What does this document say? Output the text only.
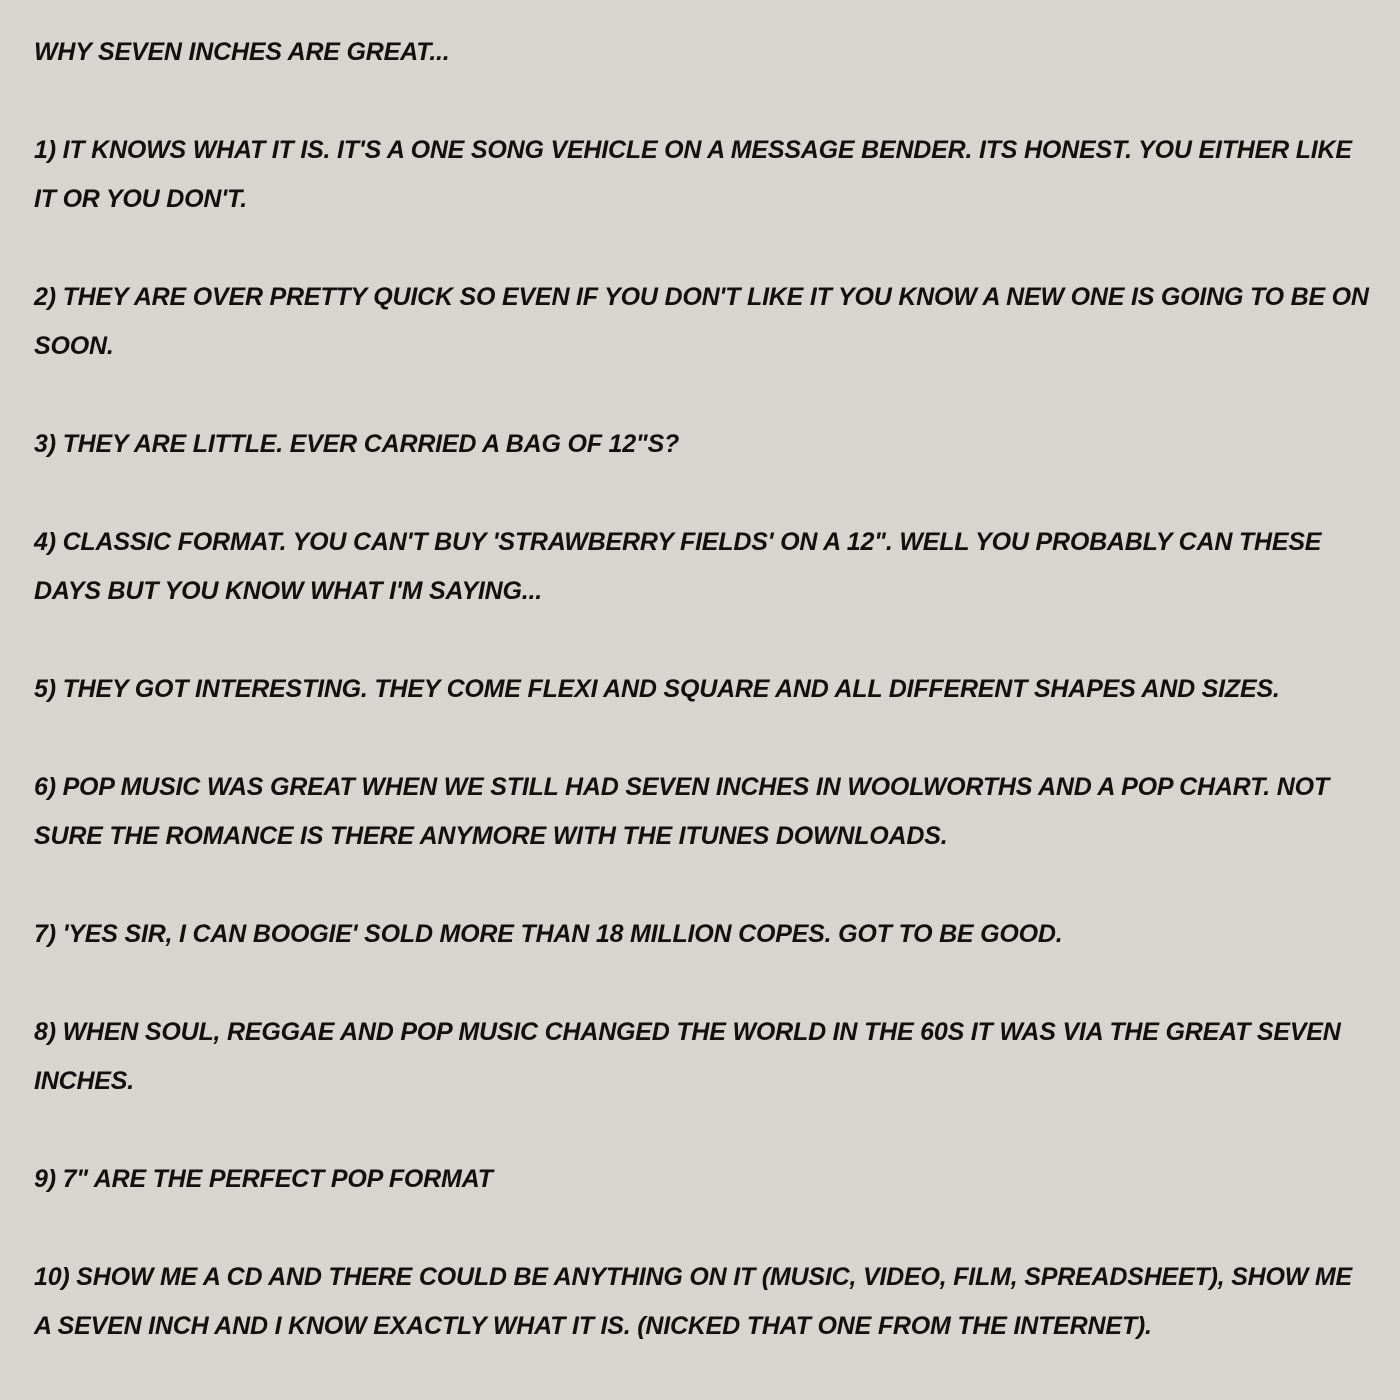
WHY SEVEN INCHES ARE GREAT...

1) IT KNOWS WHAT IT IS. IT'S A ONE SONG VEHICLE ON A MESSAGE BENDER. ITS HONEST. YOU EITHER LIKE IT OR YOU DON'T.

2) THEY ARE OVER PRETTY QUICK SO EVEN IF YOU DON'T LIKE IT YOU KNOW A NEW ONE IS GOING TO BE ON SOON.

3) THEY ARE LITTLE. EVER CARRIED A BAG OF 12"S?

4) CLASSIC FORMAT. YOU CAN'T BUY 'STRAWBERRY FIELDS' ON A 12". WELL YOU PROBABLY CAN THESE DAYS BUT YOU KNOW WHAT I'M SAYING...

5) THEY GOT INTERESTING. THEY COME FLEXI AND SQUARE AND ALL DIFFERENT SHAPES AND SIZES.

6) POP MUSIC WAS GREAT WHEN WE STILL HAD SEVEN INCHES IN WOOLWORTHS AND A POP CHART. NOT SURE THE ROMANCE IS THERE ANYMORE WITH THE ITUNES DOWNLOADS.

7) 'YES SIR, I CAN BOOGIE' SOLD MORE THAN 18 MILLION COPES. GOT TO BE GOOD.

8) WHEN SOUL, REGGAE AND POP MUSIC CHANGED THE WORLD IN THE 60S IT WAS VIA THE GREAT SEVEN INCHES.

9) 7" ARE THE PERFECT POP FORMAT

10) SHOW ME A CD AND THERE COULD BE ANYTHING ON IT (MUSIC, VIDEO, FILM, SPREADSHEET), SHOW ME A SEVEN INCH AND I KNOW EXACTLY WHAT IT IS. (NICKED THAT ONE FROM THE INTERNET).
